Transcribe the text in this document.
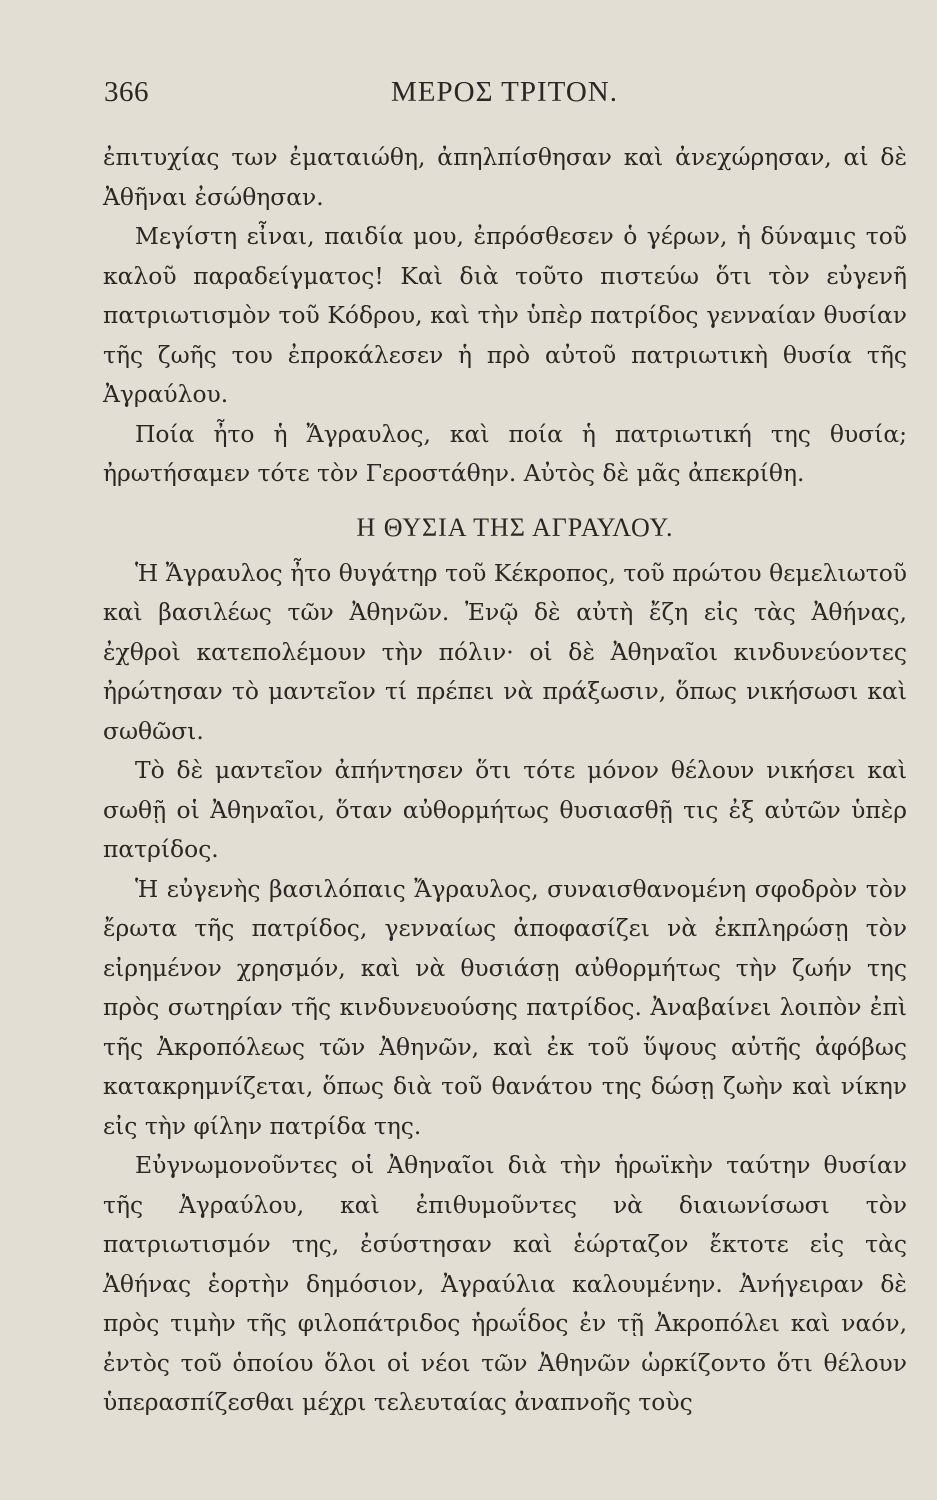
366	ΜΕΡΟΣ ΤΡΙΤΟΝ.

ἐπιτυχίας των ἐματαιώθη, ἀπηλπίσθησαν καὶ ἀνεχώρησαν, αἱ δὲ Ἀθῆναι ἐσώθησαν.

Μεγίστη εἶναι, παιδία μου, ἐπρόσθεσεν ὁ γέρων, ἡ δύναμις τοῦ καλοῦ παραδείγματος! Καὶ διὰ τοῦτο πιστεύω ὅτι τὸν εὐγενῆ πατριωτισμὸν τοῦ Κόδρου, καὶ τὴν ὑπὲρ πατρίδος γενναίαν θυσίαν τῆς ζωῆς του ἐπροκάλεσεν ἡ πρὸ αὐτοῦ πατριωτικὴ θυσία τῆς Ἀγραύλου.

Ποία ἦτο ἡ Ἄγραυλος, καὶ ποία ἡ πατριωτική της θυσία; ἠρωτήσαμεν τότε τὸν Γεροστάθην. Αὐτὸς δὲ μᾶς ἀπεκρίθη.

Η ΘΥΣΙΑ ΤΗΣ ΑΓΡΑΥΛΟΥ.

Ἡ Ἄγραυλος ἦτο θυγάτηρ τοῦ Κέκροπος, τοῦ πρώτου θεμελιωτοῦ καὶ βασιλέως τῶν Ἀθηνῶν. Ἐνῷ δὲ αὐτὴ ἔζη εἰς τὰς Ἀθήνας, ἐχθροὶ κατεπολέμουν τὴν πόλιν· οἱ δὲ Ἀθηναῖοι κινδυνεύοντες ἠρώτησαν τὸ μαντεῖον τί πρέπει νὰ πράξωσιν, ὅπως νικήσωσι καὶ σωθῶσι.

Τὸ δὲ μαντεῖον ἀπήντησεν ὅτι τότε μόνον θέλουν νικήσει καὶ σωθῇ οἱ Ἀθηναῖοι, ὅταν αὐθορμήτως θυσιασθῇ τις ἐξ αὐτῶν ὑπὲρ πατρίδος.

Ἡ εὐγενὴς βασιλόπαις Ἄγραυλος, συναισθανομένη σφοδρὸν τὸν ἔρωτα τῆς πατρίδος, γενναίως ἀποφασίζει νὰ ἐκπληρώσῃ τὸν εἰρημένον χρησμόν, καὶ νὰ θυσιάσῃ αὐθορμήτως τὴν ζωήν της πρὸς σωτηρίαν τῆς κινδυνευούσης πατρίδος. Ἀναβαίνει λοιπὸν ἐπὶ τῆς Ἀκροπόλεως τῶν Ἀθηνῶν, καὶ ἐκ τοῦ ὕψους αὐτῆς ἀφόβως κατακρημνίζεται, ὅπως διὰ τοῦ θανάτου της δώσῃ ζωὴν καὶ νίκην εἰς τὴν φίλην πατρίδα της.

Εὐγνωμονοῦντες οἱ Ἀθηναῖοι διὰ τὴν ἡρωϊκὴν ταύτην θυσίαν τῆς Ἀγραύλου, καὶ ἐπιθυμοῦντες νὰ διαιωνίσωσι τὸν πατριωτισμόν της, ἐσύστησαν καὶ ἑώρταζον ἔκτοτε εἰς τὰς Ἀθήνας ἑορτὴν δημόσιον, Ἀγραύλια καλουμένην. Ἀνήγειραν δὲ πρὸς τιμὴν τῆς φιλοπάτριδος ἡρωΐδος ἐν τῇ Ἀκροπόλει καὶ ναόν, ἐντὸς τοῦ ὁποίου ὅλοι οἱ νέοι τῶν Ἀθηνῶν ὡρκίζοντο ὅτι θέλουν ὑπερασπίζεσθαι μέχρι τελευταίας ἀναπνοῆς τοὺς
